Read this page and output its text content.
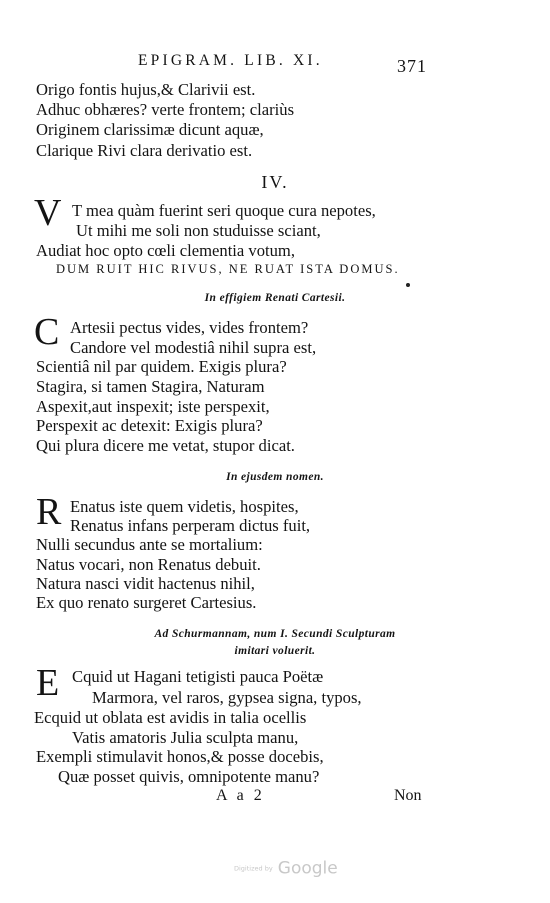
EPIGRAM. LIB. XI.	371
Origo fontis hujus,& Clarivii est.
Adhuc obhæres? verte frontem; clariùs
Originem clarissimæ dicunt aquæ,
Clarique Rivi clara derivatio est.
IV.
V T mea quàm fuerint seri quoque cura nepotes,
Ut mihi me soli non studuisse sciant,
Audiat hoc opto cœli clementia votum,
DUM RUIT HIC RIVUS, NE RUAT ISTA DOMUS.
In effigiem Renati Cartesii.
C Artesii pectus vides, vides frontem?
Candore vel modestiâ nihil supra est,
Scientiâ nil par quidem. Exigis plura?
Stagira, si tamen Stagira, Naturam
Aspexit,aut inspexit; iste perspexit,
Perspexit ac detexit: Exigis plura?
Qui plura dicere me vetat, stupor dicat.
In ejusdem nomen.
R Enatus iste quem videtis, hospites,
Renatus infans perperam dictus fuit,
Nulli secundus ante se mortalium:
Natus vocari, non Renatus debuit.
Natura nasci vidit hactenus nihil,
Ex quo renato surgeret Cartesius.
Ad Schurmannam, num I. Secundi Sculpturam
imitari voluerit.
E Cquid ut Hagani tetigisti pauca Poëtæ
Marmora, vel raros, gypsea signa, typos,
Ecquid ut oblata est avidis in talia ocellis
Vatis amatoris Julia sculpta manu,
Exempli stimulavit honos,& posse docebis,
Quæ posset quivis, omnipotente manu?
A a 2	Non
Digitized by Google
